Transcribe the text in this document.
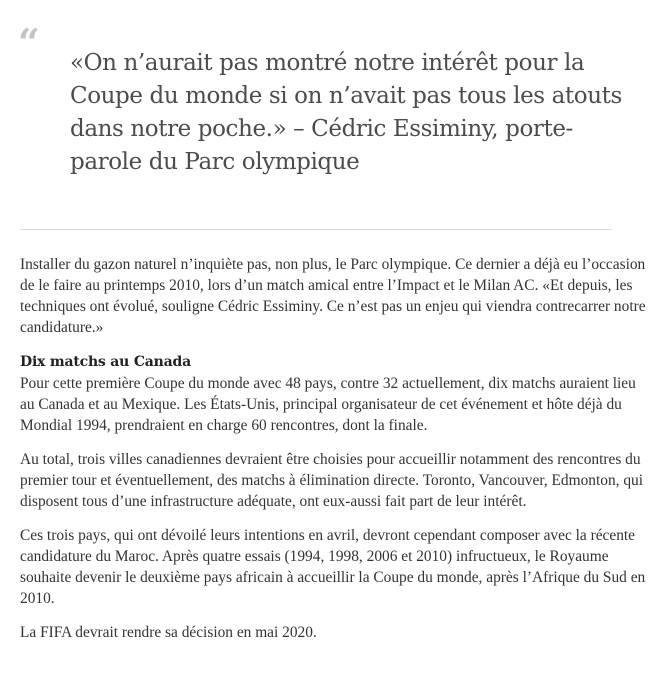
“ «On n’aurait pas montré notre intérêt pour la Coupe du monde si on n’avait pas tous les atouts dans notre poche.» – Cédric Essiminy, porte-parole du Parc olympique

Installer du gazon naturel n’inquiète pas, non plus, le Parc olympique. Ce dernier a déjà eu l’occasion de le faire au printemps 2010, lors d’un match amical entre l’Impact et le Milan AC. «Et depuis, les techniques ont évolué, souligne Cédric Essiminy. Ce n’est pas un enjeu qui viendra contrecarrer notre candidature.»

Dix matchs au Canada
Pour cette première Coupe du monde avec 48 pays, contre 32 actuellement, dix matchs auraient lieu au Canada et au Mexique. Les États-Unis, principal organisateur de cet événement et hôte déjà du Mondial 1994, prendraient en charge 60 rencontres, dont la finale.

Au total, trois villes canadiennes devraient être choisies pour accueillir notamment des rencontres du premier tour et éventuellement, des matchs à élimination directe. Toronto, Vancouver, Edmonton, qui disposent tous d’une infrastructure adéquate, ont eux-aussi fait part de leur intérêt.

Ces trois pays, qui ont dévoilé leurs intentions en avril, devront cependant composer avec la récente candidature du Maroc. Après quatre essais (1994, 1998, 2006 et 2010) infructueux, le Royaume souhaite devenir le deuxième pays africain à accueillir la Coupe du monde, après l’Afrique du Sud en 2010.

La FIFA devrait rendre sa décision en mai 2020.
